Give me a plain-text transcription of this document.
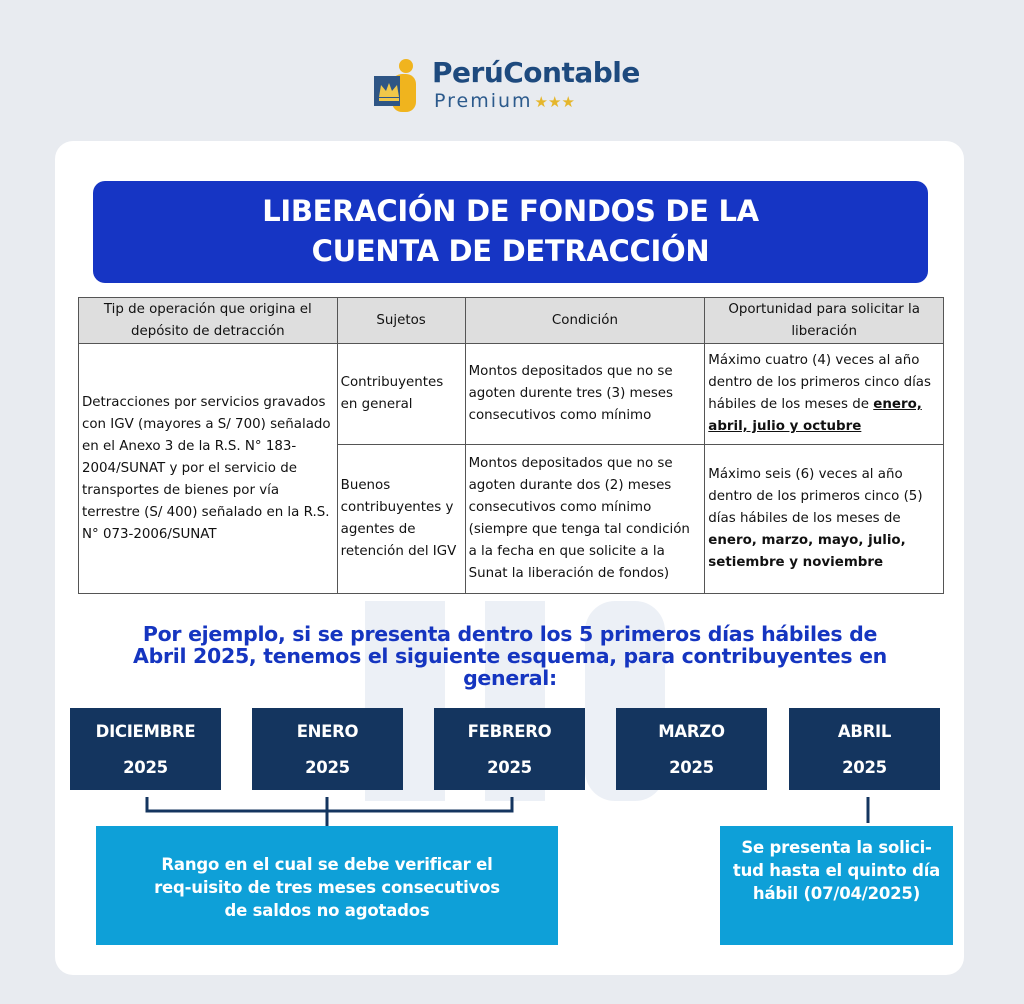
PerúContable
Premium ★★★
LIBERACIÓN DE FONDOS DE LA
CUENTA DE DETRACCIÓN
Tip de operación que origina el depósito de detracción	Sujetos	Condición	Oportunidad para solicitar la liberación
Detracciones por servicios gravados con IGV (mayores a S/ 700) señalado en el Anexo 3 de la R.S. N° 183-2004/SUNAT y por el servicio de transportes de bienes por vía terrestre (S/ 400) señalado en la R.S. N° 073-2006/SUNAT	Contribuyentes en general	Montos depositados que no se agoten durente tres (3) meses consecutivos como mínimo	Máximo cuatro (4) veces al año dentro de los primeros cinco días hábiles de los meses de enero, abril, julio y octubre
	Buenos contribuyentes y agentes de retención del IGV	Montos depositados que no se agoten durante dos (2) meses consecutivos como mínimo (siempre que tenga tal condición a la fecha en que solicite a la Sunat la liberación de fondos)	Máximo seis (6) veces al año dentro de los primeros cinco (5) días hábiles de los meses de enero, marzo, mayo, julio, setiembre y noviembre
Por ejemplo, si se presenta dentro los 5 primeros días hábiles de
Abril 2025, tenemos el siguiente esquema, para contribuyentes en
general:
DICIEMBRE
2025
ENERO
2025
FEBRERO
2025
MARZO
2025
ABRIL
2025
Rango en el cual se debe verificar el req-uisito de tres meses consecutivos de saldos no agotados
Se presenta la solici-tud hasta el quinto día hábil (07/04/2025)
